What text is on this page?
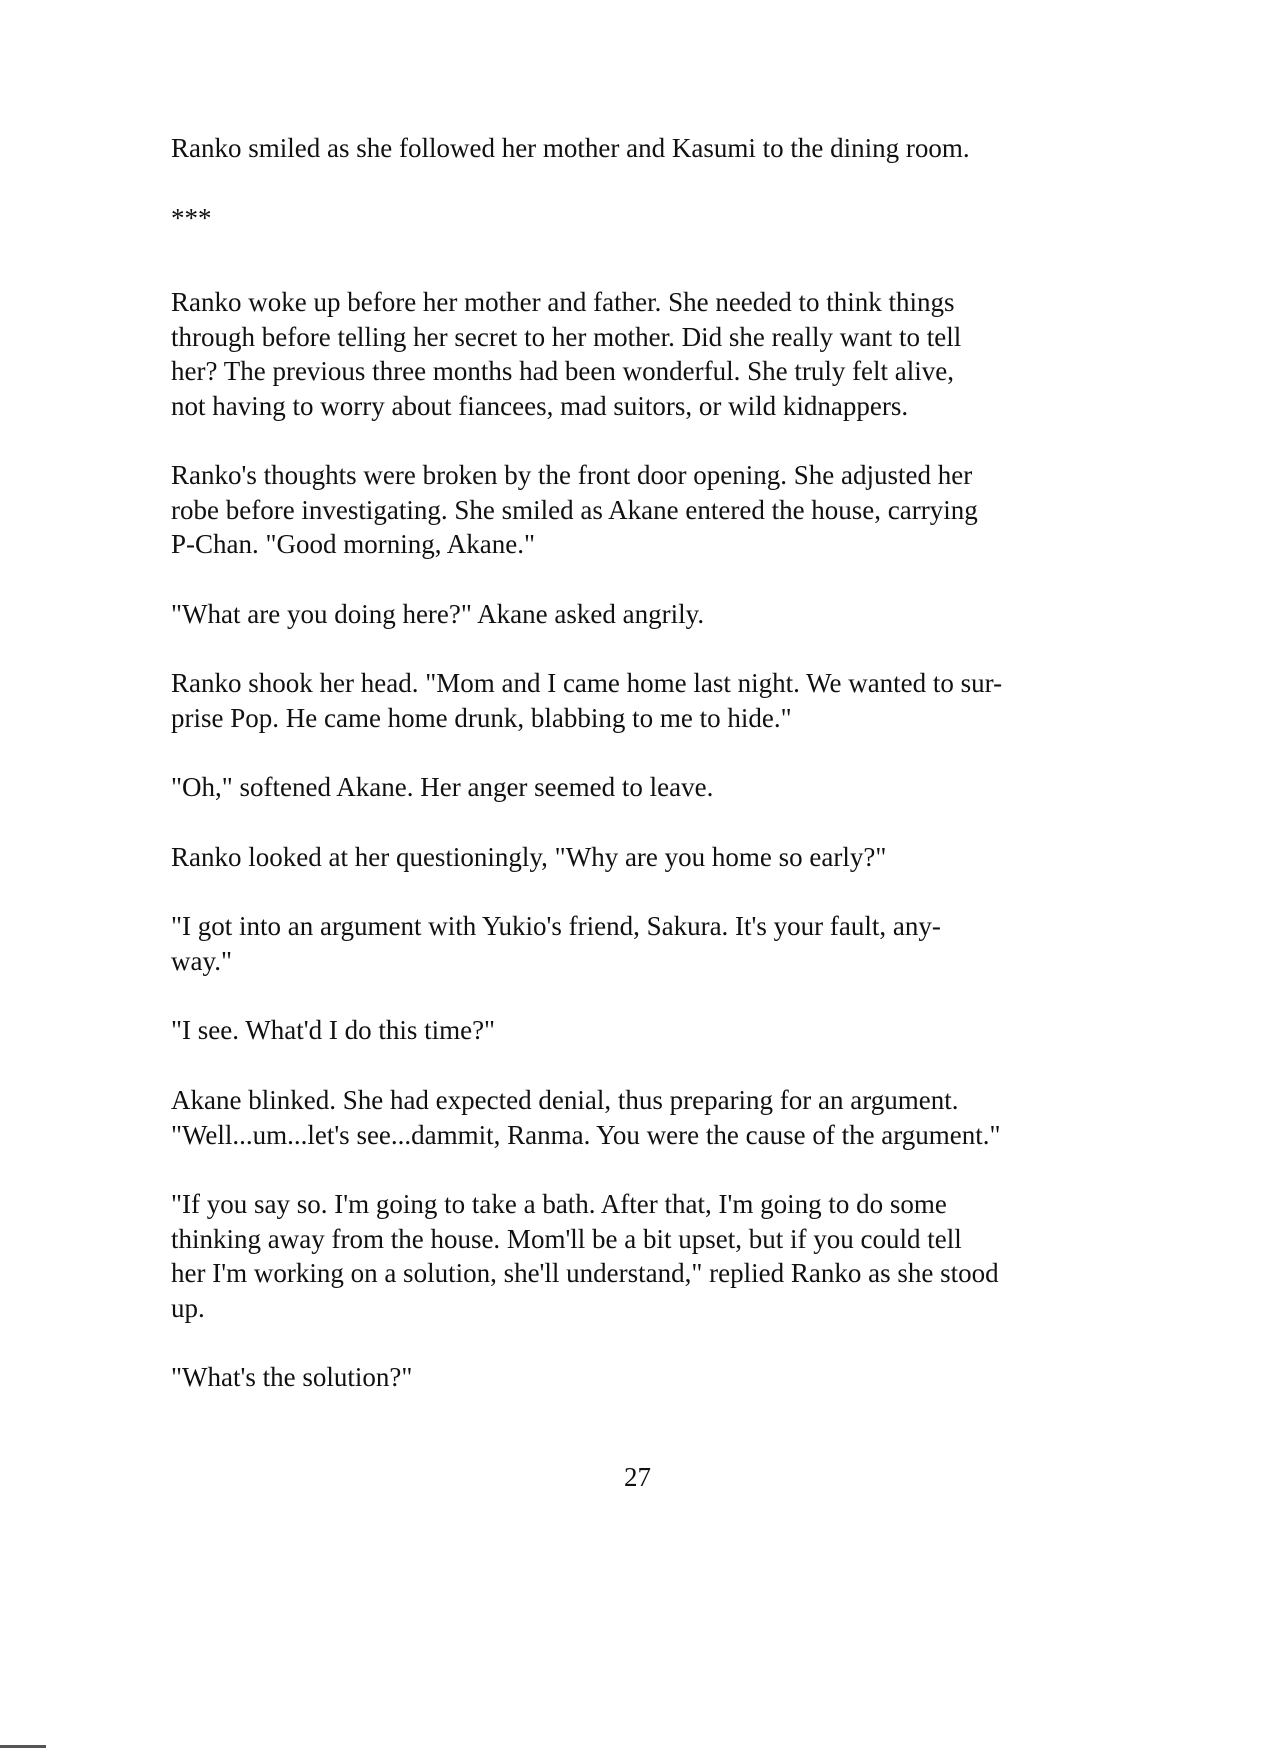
Ranko smiled as she followed her mother and Kasumi to the dining room.

***

Ranko woke up before her mother and father. She needed to think things
through before telling her secret to her mother. Did she really want to tell
her? The previous three months had been wonderful. She truly felt alive,
not having to worry about fiancees, mad suitors, or wild kidnappers.

Ranko's thoughts were broken by the front door opening. She adjusted her
robe before investigating. She smiled as Akane entered the house, carrying
P-Chan. "Good morning, Akane."

"What are you doing here?" Akane asked angrily.

Ranko shook her head. "Mom and I came home last night. We wanted to sur-
prise Pop. He came home drunk, blabbing to me to hide."

"Oh," softened Akane. Her anger seemed to leave.

Ranko looked at her questioningly, "Why are you home so early?"

"I got into an argument with Yukio's friend, Sakura. It's your fault, any-
way."

"I see. What'd I do this time?"

Akane blinked. She had expected denial, thus preparing for an argument.
"Well...um...let's see...dammit, Ranma. You were the cause of the argument."

"If you say so. I'm going to take a bath. After that, I'm going to do some
thinking away from the house. Mom'll be a bit upset, but if you could tell
her I'm working on a solution, she'll understand," replied Ranko as she stood
up.

"What's the solution?"

27
